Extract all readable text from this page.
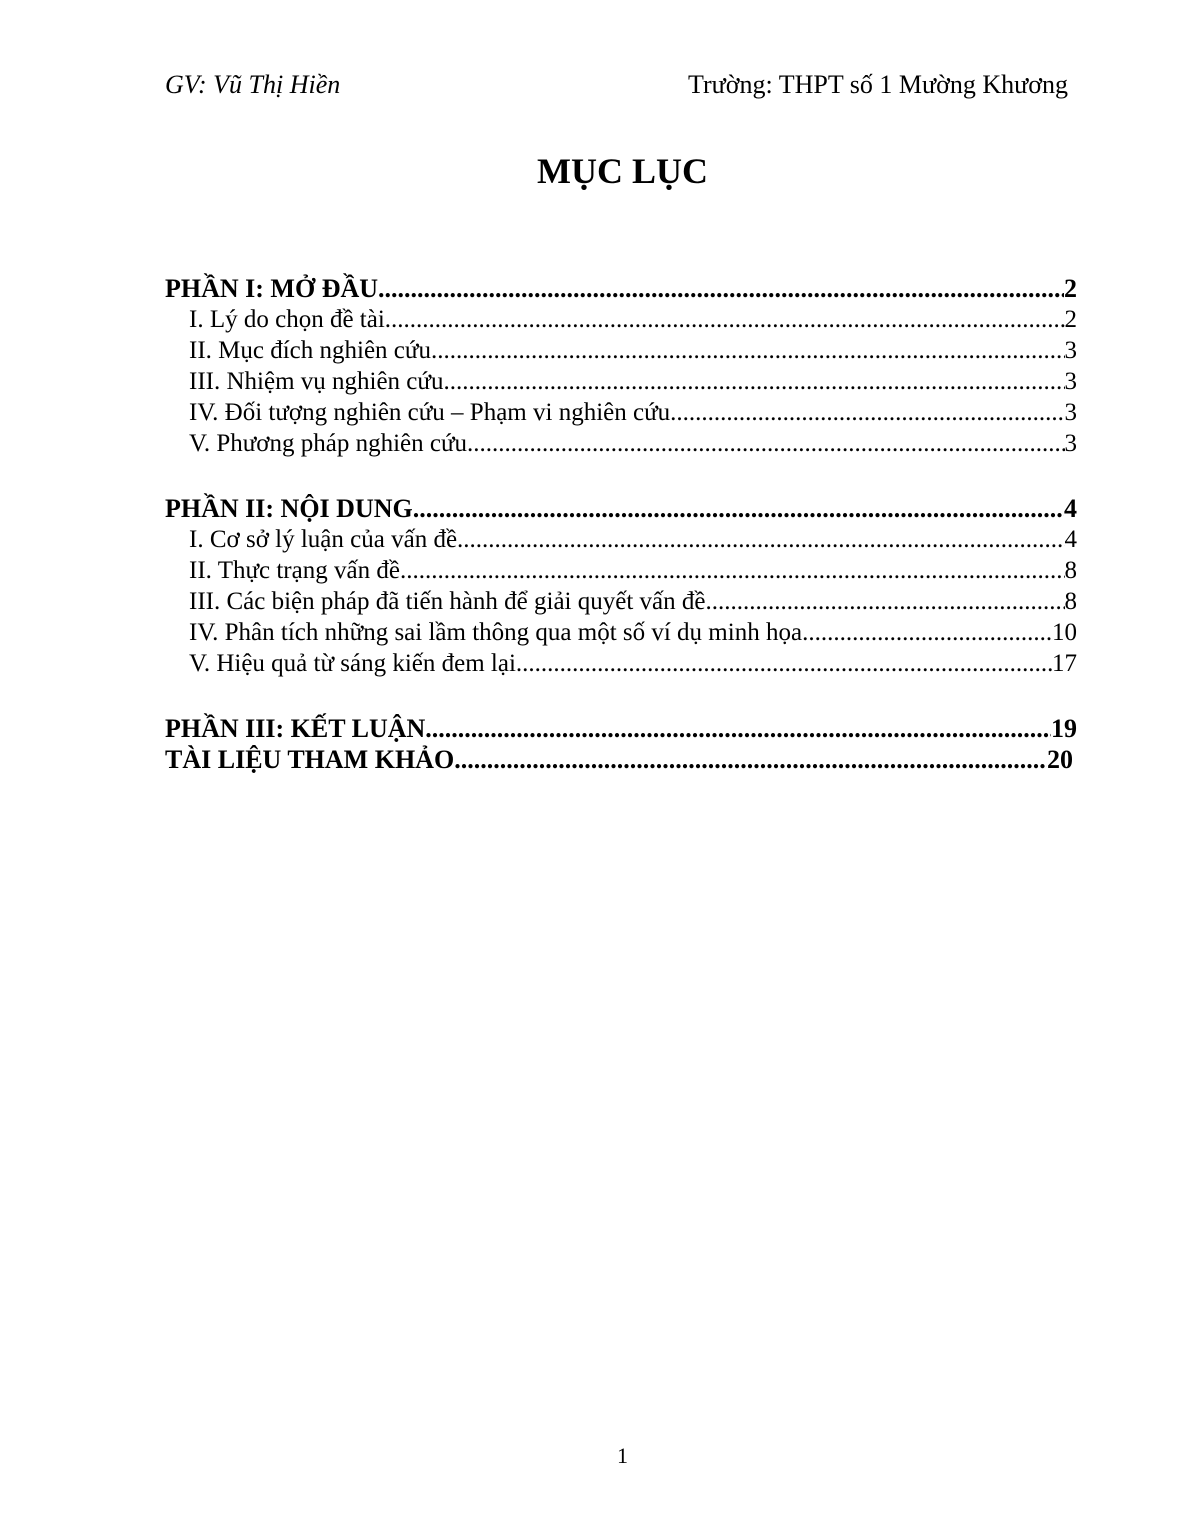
GV: Vũ Thị Hiền	Trường: THPT số 1 Mường Khương
MỤC LỤC
PHẦN I: MỞ ĐẦU .....	2
I. Lý do chọn đề tài .....	2
II. Mục đích nghiên cứu .....	3
III. Nhiệm vụ nghiên cứu .....	3
IV. Đối tượng nghiên cứu – Phạm vi nghiên cứu .....	3
V. Phương pháp nghiên cứu .....	3
PHẦN II: NỘI DUNG .....	4
I. Cơ sở lý luận của vấn đề .....	4
II. Thực trạng vấn đề .....	8
III. Các biện pháp đã tiến hành để giải quyết vấn đề .....	8
IV. Phân tích những sai lầm thông qua một số ví dụ minh họa .....	10
V. Hiệu quả từ sáng kiến đem lại .....	17
PHẦN III: KẾT LUẬN .....	19
TÀI LIỆU THAM KHẢO .....	20
1
